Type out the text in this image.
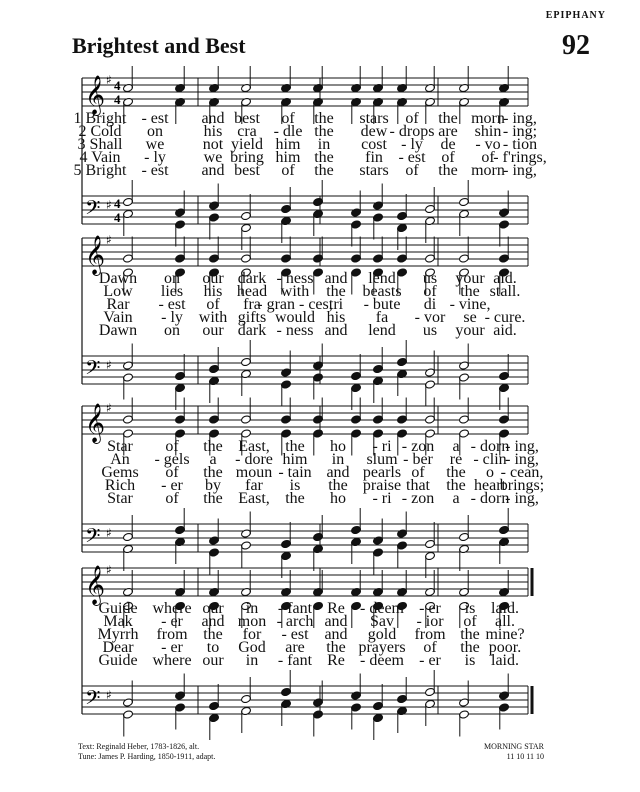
EPIPHANY
Brightest and Best	92
𝄞
𝄢
♯
♯
4
4
4
4
𝄞
𝄢
♯
♯
𝄞
𝄢
♯
♯
𝄞
𝄢
♯
♯
1 Bright - est and best of the stars of the morn
- ing,
2 Cold on	his cra - dle the dew - drops are shin - ing;
3 Shall we not yield him in cost - ly de - vo - tion
4 Vain - ly we bring him the fin - est of of
- f'rings,
5 Bright - est and best of the stars of the morn
- ing,
Dawn on our dark - ness and lend us your aid.
Low lies his head with the beasts of the stall.
Rar - est of fra
- gran - ces,
tri - bute di - vine,
Vain - ly with gifts would his fa - vor se - cure.
Dawn on our dark - ness and lend us your aid.
Star of the East, the ho - ri - zon a - dorn
- ing,
An - gels a - dore him in slum - ber re - clin
- ing,
Gems of the moun - tain and pearls of the o - cean,
Rich - er by far is the praise that the heart
brings;
Star of the East, the ho - ri - zon a - dorn
- ing,
Guide where our in - fant Re - deem - er is laid.
Mak - er and mon - arch and Sav - ior of all.
Myrrh from the for - est and gold from the mine?
Dear - er to God are the prayers of the poor.
Guide where our in - fant Re - deem - er is laid.
Text: Reginald Heber, 1783-1826, alt.
Tune: James P. Harding, 1850-1911, adapt.
MORNING STAR
11 10 11 10
